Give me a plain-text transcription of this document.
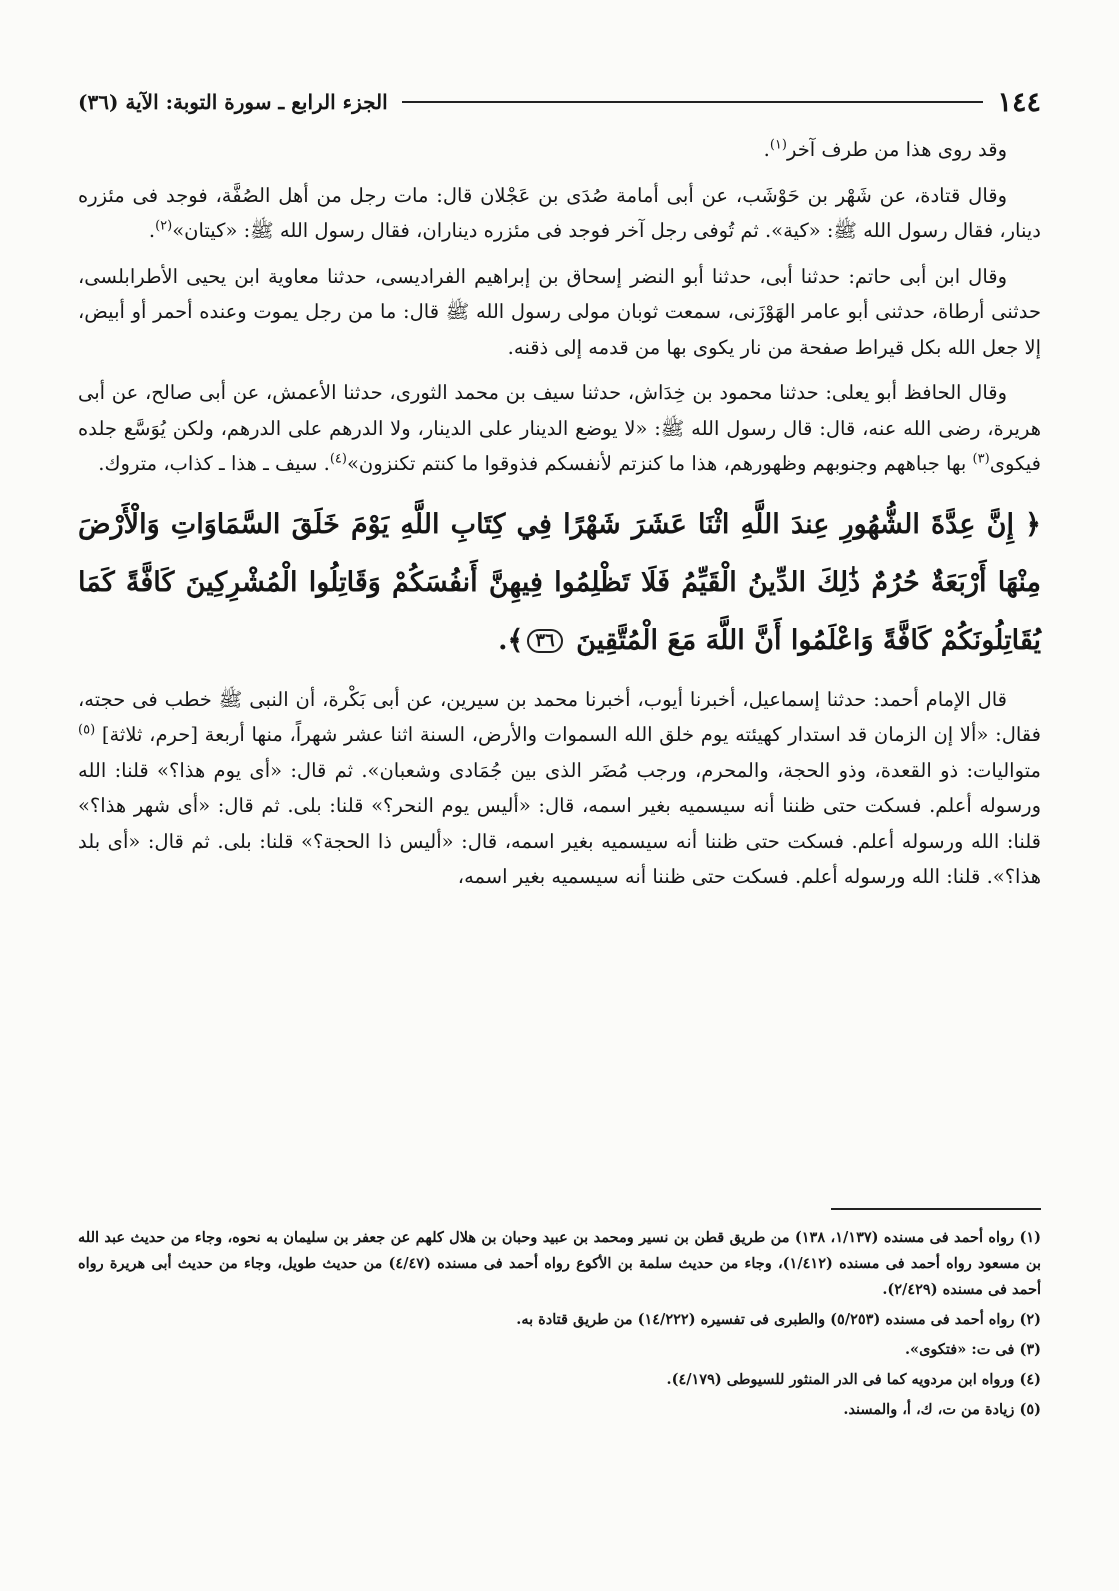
١٤٤
الجزء الرابع ـ سورة التوبة: الآية (٣٦)

وقد روى هذا من طرف آخر$^{(١)}$.

وقال قتادة، عن شَهْر بن حَوْشَب، عن أبى أمامة صُدَى بن عَجْلان قال: مات رجل من أهل الصُفَّة، فوجد فى مئزره دينار، فقال رسول الله ﷺ: «كية». ثم تُوفى رجل آخر فوجد فى مئزره ديناران، فقال رسول الله ﷺ: «كيتان»$^{(٢)}$.

وقال ابن أبى حاتم: حدثنا أبى، حدثنا أبو النضر إسحاق بن إبراهيم الفراديسى، حدثنا معاوية ابن يحيى الأطرابلسى، حدثنى أرطاة، حدثنى أبو عامر الهَوْزَنى، سمعت ثوبان مولى رسول الله ﷺ قال: ما من رجل يموت وعنده أحمر أو أبيض، إلا جعل الله بكل قيراط صفحة من نار يكوى بها من قدمه إلى ذقنه.

وقال الحافظ أبو يعلى: حدثنا محمود بن خِدَاش، حدثنا سيف بن محمد الثورى، حدثنا الأعمش، عن أبى صالح، عن أبى هريرة، رضى الله عنه، قال: قال رسول الله ﷺ: «لا يوضع الدينار على الدينار، ولا الدرهم على الدرهم، ولكن يُوَسَّع جلده فيكوى$^{(٣)}$ بها جباههم وجنوبهم وظهورهم، هذا ما كنزتم لأنفسكم فذوقوا ما كنتم تكنزون»$^{(٤)}$. سيف ـ هذا ـ كذاب، متروك.

﴿ إِنَّ عِدَّةَ الشُّهُورِ عِندَ اللَّهِ اثْنَا عَشَرَ شَهْرًا فِي كِتَابِ اللَّهِ يَوْمَ خَلَقَ السَّمَاوَاتِ وَالْأَرْضَ مِنْهَا أَرْبَعَةٌ حُرُمٌ ذَٰلِكَ الدِّينُ الْقَيِّمُ فَلَا تَظْلِمُوا فِيهِنَّ أَنفُسَكُمْ وَقَاتِلُوا الْمُشْرِكِينَ كَافَّةً كَمَا يُقَاتِلُونَكُمْ كَافَّةً وَاعْلَمُوا أَنَّ اللَّهَ مَعَ الْمُتَّقِينَ ٣٦﴾.

قال الإمام أحمد: حدثنا إسماعيل، أخبرنا أيوب، أخبرنا محمد بن سيرين، عن أبى بَكْرة، أن النبى ﷺ خطب فى حجته، فقال: «ألا إن الزمان قد استدار كهيئته يوم خلق الله السموات والأرض، السنة اثنا عشر شهراً، منها أربعة [حرم، ثلاثة] $^{(٥)}$ متواليات: ذو القعدة، وذو الحجة، والمحرم، ورجب مُضَر الذى بين جُمَادى وشعبان». ثم قال: «أى يوم هذا؟» قلنا: الله ورسوله أعلم. فسكت حتى ظننا أنه سيسميه بغير اسمه، قال: «أليس يوم النحر؟» قلنا: بلى. ثم قال: «أى شهر هذا؟» قلنا: الله ورسوله أعلم. فسكت حتى ظننا أنه سيسميه بغير اسمه، قال: «أليس ذا الحجة؟» قلنا: بلى. ثم قال: «أى بلد هذا؟». قلنا: الله ورسوله أعلم. فسكت حتى ظننا أنه سيسميه بغير اسمه،

(١) رواه أحمد فى مسنده (١/١٣٧، ١٣٨) من طريق قطن بن نسير ومحمد بن عبيد وحبان بن هلال كلهم عن جعفر بن سليمان به نحوه، وجاء من حديث عبد الله بن مسعود رواه أحمد فى مسنده (١/٤١٢)، وجاء من حديث سلمة بن الأكوع رواه أحمد فى مسنده (٤/٤٧) من حديث طويل، وجاء من حديث أبى هريرة رواه أحمد فى مسنده (٢/٤٢٩).

(٢) رواه أحمد فى مسنده (٥/٢٥٣) والطبرى فى تفسيره (١٤/٢٢٢) من طريق قتادة به.

(٣) فى ت: «فتكوى».

(٤) ورواه ابن مردويه كما فى الدر المنثور للسيوطى (٤/١٧٩).

(٥) زيادة من ت، ك، أ، والمسند.
